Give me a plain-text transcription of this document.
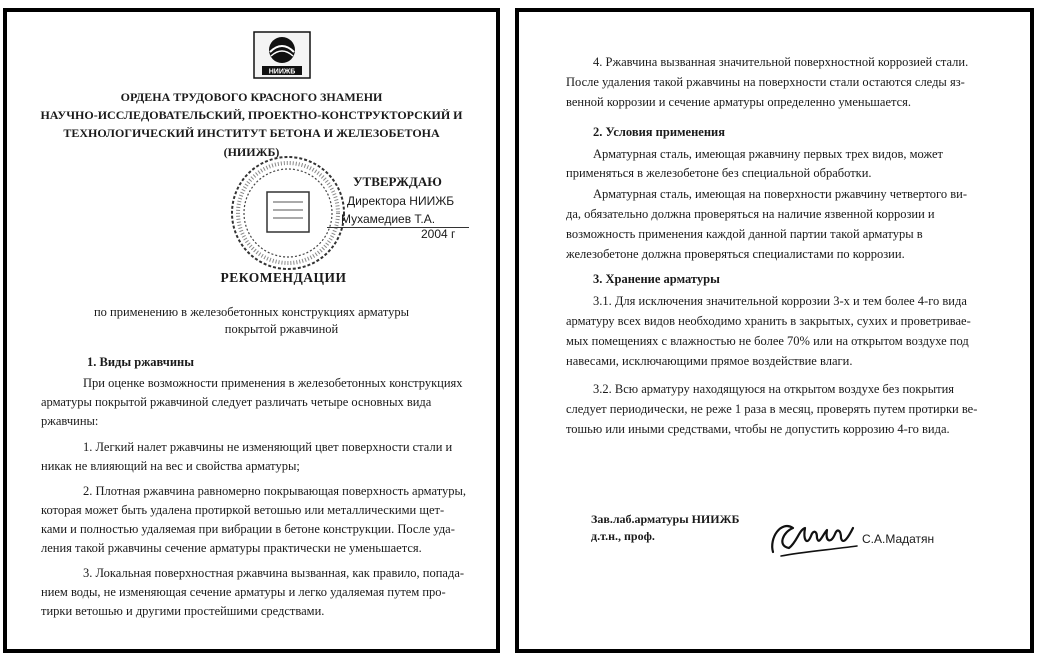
НИИЖБ
ОРДЕНА ТРУДОВОГО КРАСНОГО ЗНАМЕНИ
НАУЧНО-ИССЛЕДОВАТЕЛЬСКИЙ, ПРОЕКТНО-КОНСТРУКТОРСКИЙ И
ТЕХНОЛОГИЧЕСКИЙ ИНСТИТУТ БЕТОНА И ЖЕЛЕЗОБЕТОНА
(НИИЖБ)
УТВЕРЖДАЮ
Директора НИИЖБ
Мухамедиев Т.А.
2004 г
РЕКОМЕНДАЦИИ
по применению в железобетонных конструкциях арматуры
покрытой ржавчиной
1. Виды ржавчины
При оценке возможности применения в железобетонных конструкциях
арматуры покрытой ржавчиной следует различать четыре основных вида
ржавчины:
1. Легкий налет ржавчины не изменяющий цвет поверхности стали и
никак не влияющий на вес и свойства арматуры;
2. Плотная ржавчина равномерно покрывающая поверхность арматуры,
которая может быть удалена протиркой ветошью или металлическими щет-
ками и полностью удаляемая при вибрации в бетоне конструкции. После уда-
ления такой ржавчины сечение арматуры практически не уменьшается.
3. Локальная поверхностная ржавчина вызванная, как правило, попада-
нием воды, не изменяющая сечение арматуры и легко удаляемая путем про-
тирки ветошью и другими простейшими средствами.
4. Ржавчина вызванная значительной поверхностной коррозией стали.
После удаления такой ржавчины на поверхности стали остаются следы яз-
венной коррозии и сечение арматуры определенно уменьшается.
2. Условия применения
Арматурная сталь, имеющая ржавчину первых трех видов, может
применяться в железобетоне без специальной обработки.
Арматурная сталь, имеющая на поверхности ржавчину четвертого ви-
да, обязательно должна проверяться на наличие язвенной коррозии и
возможность применения каждой данной партии такой арматуры в
железобетоне должна проверяться специалистами по коррозии.
3. Хранение арматуры
3.1. Для исключения значительной коррозии 3-х и тем более 4-го вида
арматуру всех видов необходимо хранить в закрытых, сухих и проветривае-
мых помещениях с влажностью не более 70% или на открытом воздухе под
навесами, исключающими прямое воздействие влаги.
3.2. Всю арматуру находящуюся на открытом воздухе без покрытия
следует периодически, не реже 1 раза в месяц, проверять путем протирки ве-
тошью или иными средствами, чтобы не допустить коррозию 4-го вида.
Зав.лаб.арматуры НИИЖБ
д.т.н., проф.	С.А.Мадатян
